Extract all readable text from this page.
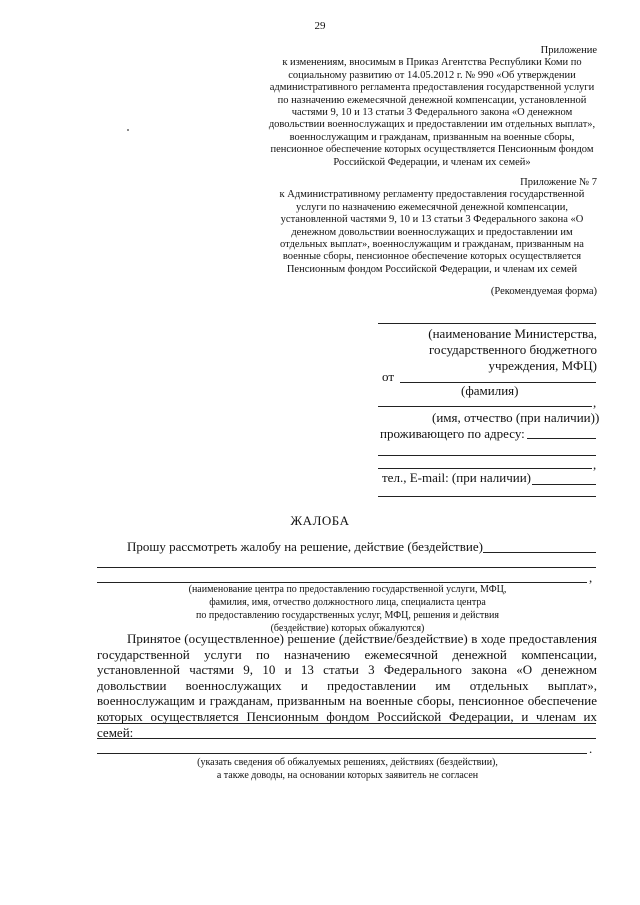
29
Приложение
к изменениям, вносимым в Приказ Агентства Республики Коми по социальному развитию от 14.05.2012 г. № 990 «Об утверждении административного регламента предоставления государственной услуги по назначению ежемесячной денежной компенсации, установленной частями 9, 10 и 13 статьи 3 Федерального закона «О денежном довольствии военнослужащих и предоставлении им отдельных выплат», военнослужащим и гражданам, призванным на военные сборы, пенсионное обеспечение которых осуществляется Пенсионным фондом Российской Федерации, и членам их семей»
Приложение № 7
к Административному регламенту предоставления государственной услуги по назначению ежемесячной денежной компенсации, установленной частями 9, 10 и 13 статьи 3 Федерального закона «О денежном довольствии военнослужащих и предоставлении им отдельных выплат», военнослужащим и гражданам, призванным на военные сборы, пенсионное обеспечение которых осуществляется Пенсионным фондом Российской Федерации, и членам их семей
(Рекомендуемая форма)
(наименование Министерства,
государственного бюджетного
учреждения, МФЦ)
от
(фамилия)
,
(имя, отчество (при наличии))
проживающего по адресу:
,
тел., E-mail: (при наличии)
ЖАЛОБА
Прошу рассмотреть жалобу на решение, действие (бездействие)
,
(наименование центра по предоставлению государственной услуги, МФЦ,
фамилия, имя, отчество должностного лица, специалиста центра
по предоставлению государственных услуг, МФЦ, решения и действия
(бездействие) которых обжалуются)
Принятое (осуществленное) решение (действие/бездействие) в ходе предоставления государственной услуги по назначению ежемесячной денежной компенсации, установленной частями 9, 10 и 13 статьи 3 Федерального закона «О денежном довольствии военнослужащих и предоставлении им отдельных выплат», военнослужащим и гражданам, призванным на военные сборы, пенсионное обеспечение которых осуществляется Пенсионным фондом Российской Федерации, и членам их семей:
.
(указать сведения об обжалуемых решениях, действиях (бездействии),
а также доводы, на основании которых заявитель не согласен
